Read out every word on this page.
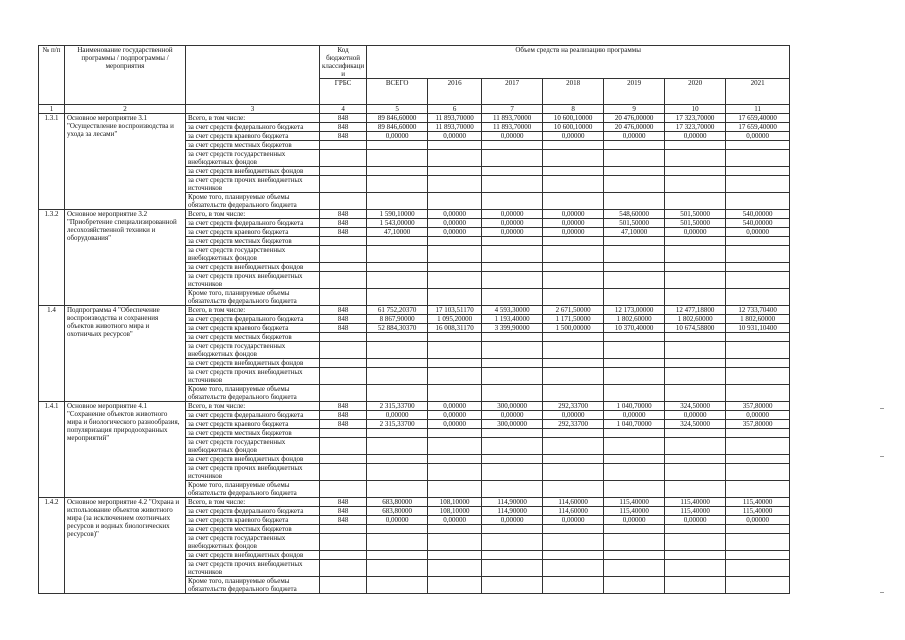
№ п/п	Наименование государственной программы / подпрограммы / мероприятия		Код бюджетной классификаци и	Объем средств на реализацию программы						
			ГРБС	ВСЕГО	2016	2017	2018	2019	2020	2021
1	2	3	4	5	6	7	8	9	10	11
1.3.1	Основное мероприятие 3.1 "Осуществление воспроизводства и ухода за лесами"	Всего, в том числе:	848	89 846,60000	11 893,70000	11 893,70000	10 600,10000	20 476,00000	17 323,70000	17 659,40000
		за счет средств федерального бюджета	848	89 846,60000	11 893,70000	11 893,70000	10 600,10000	20 476,00000	17 323,70000	17 659,40000
		за счет средств краевого бюджета	848	0,00000	0,00000	0,00000	0,00000	0,00000	0,00000	0,00000
		за счет средств местных бюджетов								
		за счет средств государственных внебюджетных фондов								
		за счет средств внебюджетных фондов								
		за счет средств прочих внебюджетных источников								
		Кроме того, планируемые объемы обязательств федерального бюджета								
1.3.2	Основное мероприятие 3.2 "Приобретение специализированной лесохозяйственной техники и оборудования"	Всего, в том числе:	848	1 590,10000	0,00000	0,00000	0,00000	548,60000	501,50000	540,00000
		за счет средств федерального бюджета	848	1 543,00000	0,00000	0,00000	0,00000	501,50000	501,50000	540,00000
		за счет средств краевого бюджета	848	47,10000	0,00000	0,00000	0,00000	47,10000	0,00000	0,00000
		за счет средств местных бюджетов								
		за счет средств государственных внебюджетных фондов								
		за счет средств внебюджетных фондов								
		за счет средств прочих внебюджетных источников								
		Кроме того, планируемые объемы обязательств федерального бюджета								
1.4	Подпрограмма 4 "Обеспечение воспроизводства и сохранения объектов животного мира и охотничьих ресурсов"	Всего, в том числе:	848	61 752,20370	17 103,51170	4 593,30000	2 671,50000	12 173,00000	12 477,18800	12 733,70400
		за счет средств федерального бюджета	848	8 867,90000	1 095,20000	1 193,40000	1 171,50000	1 802,60000	1 802,60000	1 802,60000
		за счет средств краевого бюджета	848	52 884,30370	16 008,31170	3 399,90000	1 500,00000	10 370,40000	10 674,58800	10 931,10400
		за счет средств местных бюджетов								
		за счет средств государственных внебюджетных фондов								
		за счет средств внебюджетных фондов								
		за счет средств прочих внебюджетных источников								
		Кроме того, планируемые объемы обязательств федерального бюджета								
1.4.1	Основное мероприятие 4.1 "Сохранение объектов животного мира и биологического разнообразия, популяризация природоохранных мероприятий"	Всего, в том числе:	848	2 315,33700	0,00000	300,00000	292,33700	1 040,70000	324,50000	357,80000
		за счет средств федерального бюджета	848	0,00000	0,00000	0,00000	0,00000	0,00000	0,00000	0,00000
		за счет средств краевого бюджета	848	2 315,33700	0,00000	300,00000	292,33700	1 040,70000	324,50000	357,80000
		за счет средств местных бюджетов								
		за счет средств государственных внебюджетных фондов								
		за счет средств внебюджетных фондов								
		за счет средств прочих внебюджетных источников								
		Кроме того, планируемые объемы обязательств федерального бюджета								
1.4.2	Основное мероприятие 4.2 "Охрана и использование объектов животного мира (за исключением охотничьих ресурсов и водных биологических ресурсов)"	Всего, в том числе:	848	683,80000	108,10000	114,90000	114,60000	115,40000	115,40000	115,40000
		за счет средств федерального бюджета	848	683,80000	108,10000	114,90000	114,60000	115,40000	115,40000	115,40000
		за счет средств краевого бюджета	848	0,00000	0,00000	0,00000	0,00000	0,00000	0,00000	0,00000
		за счет средств местных бюджетов								
		за счет средств государственных внебюджетных фондов								
		за счет средств внебюджетных фондов								
		за счет средств прочих внебюджетных источников								
		Кроме того, планируемые объемы обязательств федерального бюджета								
